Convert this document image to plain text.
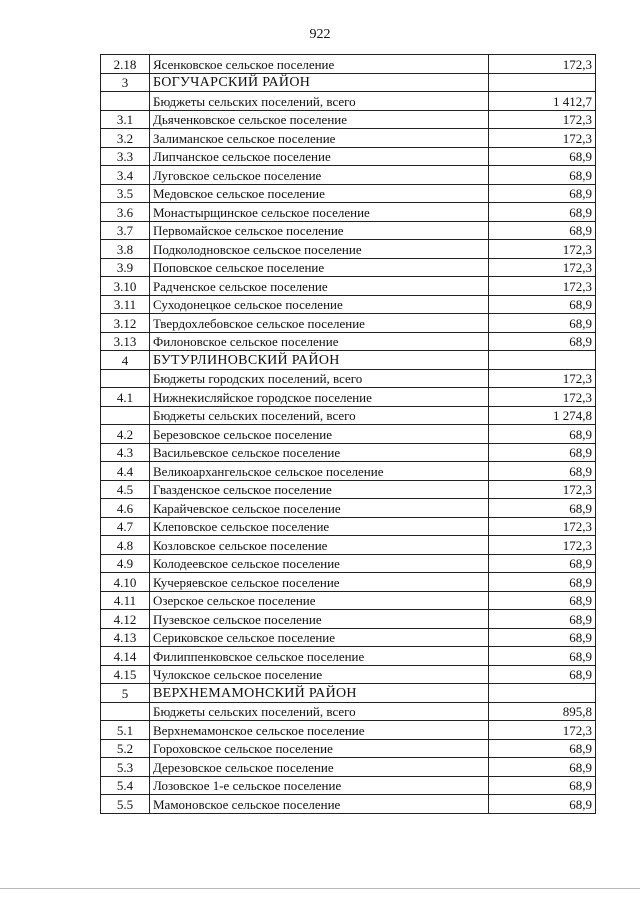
922
2.18	Ясенковское сельское поселение	172,3
3	БОГУЧАРСКИЙ РАЙОН	
	Бюджеты сельских поселений, всего	1 412,7
3.1	Дьяченковское сельское поселение	172,3
3.2	Залиманское сельское поселение	172,3
3.3	Липчанское сельское поселение	68,9
3.4	Луговское сельское поселение	68,9
3.5	Медовское сельское поселение	68,9
3.6	Монастырщинское сельское поселение	68,9
3.7	Первомайское сельское поселение	68,9
3.8	Подколодновское сельское поселение	172,3
3.9	Поповское сельское поселение	172,3
3.10	Радченское сельское поселение	172,3
3.11	Суходонецкое сельское поселение	68,9
3.12	Твердохлебовское сельское поселение	68,9
3.13	Филоновское сельское поселение	68,9
4	БУТУРЛИНОВСКИЙ РАЙОН	
	Бюджеты городских поселений, всего	172,3
4.1	Нижнекисляйское городское поселение	172,3
	Бюджеты сельских поселений, всего	1 274,8
4.2	Березовское сельское поселение	68,9
4.3	Васильевское сельское поселение	68,9
4.4	Великоархангельское сельское поселение	68,9
4.5	Гвазденское сельское поселение	172,3
4.6	Карайчевское сельское поселение	68,9
4.7	Клеповское сельское поселение	172,3
4.8	Козловское сельское поселение	172,3
4.9	Колодеевское сельское поселение	68,9
4.10	Кучеряевское сельское поселение	68,9
4.11	Озерское сельское поселение	68,9
4.12	Пузевское сельское поселение	68,9
4.13	Сериковское сельское поселение	68,9
4.14	Филиппенковское сельское поселение	68,9
4.15	Чулокское сельское поселение	68,9
5	ВЕРХНЕМАМОНСКИЙ РАЙОН	
	Бюджеты сельских поселений, всего	895,8
5.1	Верхнемамонское сельское поселение	172,3
5.2	Гороховское сельское поселение	68,9
5.3	Дерезовское сельское поселение	68,9
5.4	Лозовское 1-е сельское поселение	68,9
5.5	Мамоновское сельское поселение	68,9
